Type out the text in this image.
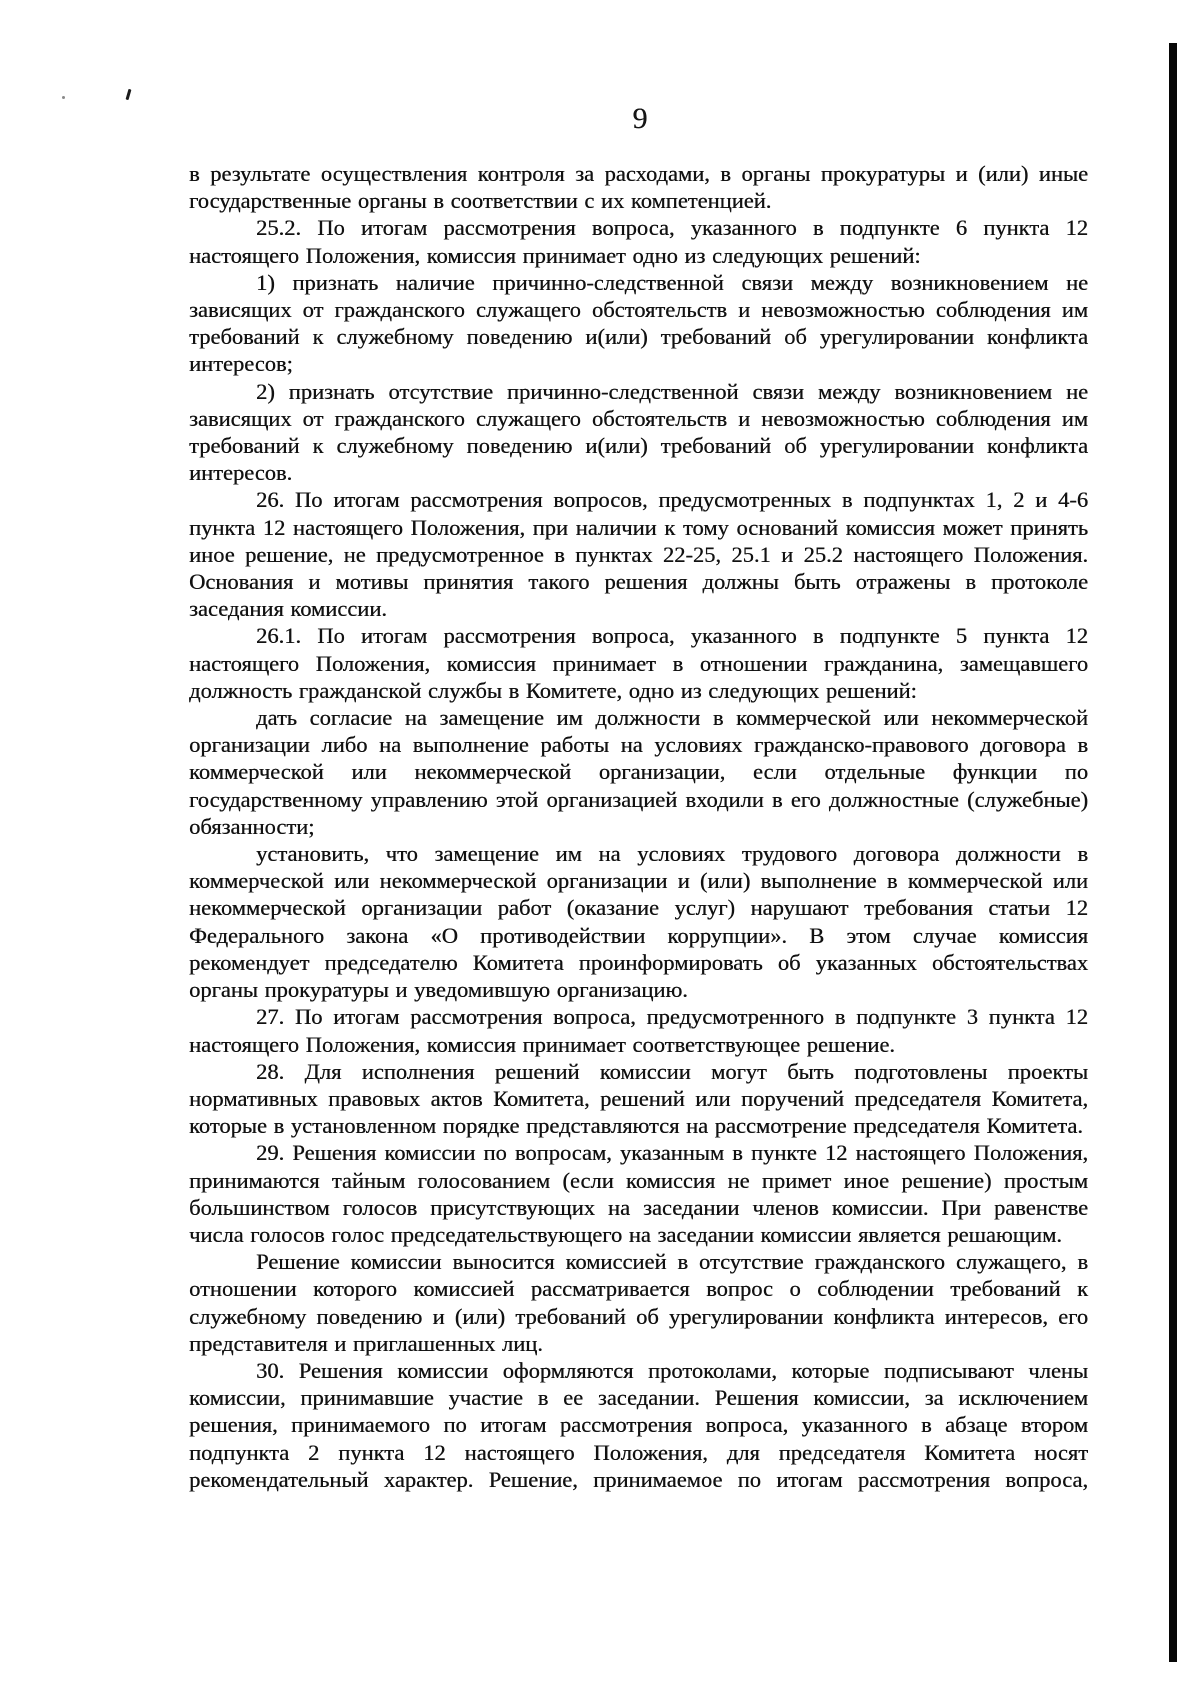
9

в результате осуществления контроля за расходами, в органы прокуратуры и (или) иные государственные органы в соответствии с их компетенцией.

25.2. По итогам рассмотрения вопроса, указанного в подпункте 6 пункта 12 настоящего Положения, комиссия принимает одно из следующих решений:

1) признать наличие причинно-следственной связи между возникновением не зависящих от гражданского служащего обстоятельств и невозможностью соблюдения им требований к служебному поведению и(или) требований об урегулировании конфликта интересов;

2) признать отсутствие причинно-следственной связи между возникновением не зависящих от гражданского служащего обстоятельств и невозможностью соблюдения им требований к служебному поведению и(или) требований об урегулировании конфликта интересов.

26. По итогам рассмотрения вопросов, предусмотренных в подпунктах 1, 2 и 4-6 пункта 12 настоящего Положения, при наличии к тому оснований комиссия может принять иное решение, не предусмотренное в пунктах 22-25, 25.1 и 25.2 настоящего Положения. Основания и мотивы принятия такого решения должны быть отражены в протоколе заседания комиссии.

26.1. По итогам рассмотрения вопроса, указанного в подпункте 5 пункта 12 настоящего Положения, комиссия принимает в отношении гражданина, замещавшего должность гражданской службы в Комитете, одно из следующих решений:

дать согласие на замещение им должности в коммерческой или некоммерческой организации либо на выполнение работы на условиях гражданско-правового договора в коммерческой или некоммерческой организации, если отдельные функции по государственному управлению этой организацией входили в его должностные (служебные) обязанности;

установить, что замещение им на условиях трудового договора должности в коммерческой или некоммерческой организации и (или) выполнение в коммерческой или некоммерческой организации работ (оказание услуг) нарушают требования статьи 12 Федерального закона «О противодействии коррупции». В этом случае комиссия рекомендует председателю Комитета проинформировать об указанных обстоятельствах органы прокуратуры и уведомившую организацию.

27. По итогам рассмотрения вопроса, предусмотренного в подпункте 3 пункта 12 настоящего Положения, комиссия принимает соответствующее решение.

28. Для исполнения решений комиссии могут быть подготовлены проекты нормативных правовых актов Комитета, решений или поручений председателя Комитета, которые в установленном порядке представляются на рассмотрение председателя Комитета.

29. Решения комиссии по вопросам, указанным в пункте 12 настоящего Положения, принимаются тайным голосованием (если комиссия не примет иное решение) простым большинством голосов присутствующих на заседании членов комиссии. При равенстве числа голосов голос председательствующего на заседании комиссии является решающим.

Решение комиссии выносится комиссией в отсутствие гражданского служащего, в отношении которого комиссией рассматривается вопрос о соблюдении требований к служебному поведению и (или) требований об урегулировании конфликта интересов, его представителя и приглашенных лиц.

30. Решения комиссии оформляются протоколами, которые подписывают члены комиссии, принимавшие участие в ее заседании. Решения комиссии, за исключением решения, принимаемого по итогам рассмотрения вопроса, указанного в абзаце втором подпункта 2 пункта 12 настоящего Положения, для председателя Комитета носят рекомендательный характер. Решение, принимаемое по итогам рассмотрения вопроса,
